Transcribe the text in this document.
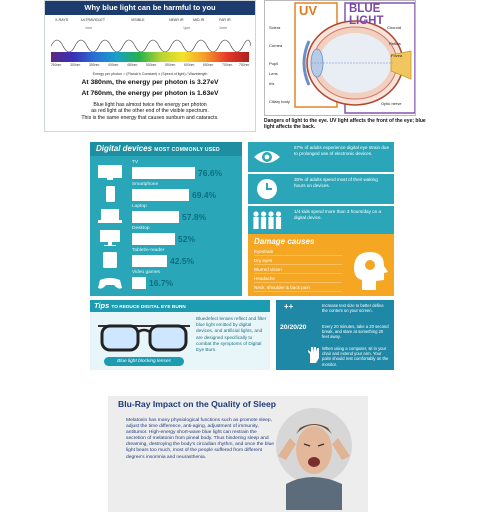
Why blue light can be harmful to you
X-RAYS	ULTRAVIOLET	VISIBLE	NEAR IR	MID IR	FAR IR
1nm	1µm	1mm
250nm	300nm	350nm	400nm	450nm	500nm	550nm	600nm	650nm	700nm 750nm
Energy per photon = (Planck's Constant) x (Speed of light) / Wavelength
At 380nm, the energy per photon is 3.27eV
At 760nm, the energy per photon is 1.63eV
Blue light has almost twice the energy per photon
as red light at the other end of the visible spectrum.
This is the same energy that causes sunburn and cataracts.
UV	BLUE LIGHT
Sclera
Cornea
Pupil
Lens
Iris
Ciliary body
Choroid
Retina
Fovea
Optic nerve
Dangers of light to the eye. UV light affects the front of the eye; blue light affects the back.
Digital devices MOST COMMONLY USED
TV
76.6%
Smartphone
69.4%
Laptop
57.8%
Desktop
52%
Tablet/e-reader
42.5%
Video games
16.7%
67% of adults experience digital eye strain due to prolonged use of electronic devices.
30% of adults spend most of their waking hours on devices.
1/4 kids spend more than 3 hours/day on a digital device.
Damage causes
Eyestrain
Dry eyes
Blurred vision
Headache
Neck, shoulder & back pain
Tips TO REDUCE DIGITAL EYE BURN
Bluedefect lenses reflect and filter blue light emitted by digital devices, and artificial lights, and are designed specifically to combat the symptoms of Digital Eye Burn.
Blue light blocking lenses
++	Increase text size to better define the content on your screen.
20/20/20	Every 20 minutes, take a 20 second break, and stare at something 20 feet away.
When using a computer, sit in your chair and extend your arm. Your palm should rest comfortably on the monitor.
Blu-Ray Impact on the Quality of Sleep
Melatonin has many physiological functions such as promote sleep, adjust the time difference, anti-aging, adjustment of immunity, antitumor. High-energy short-wave blue light can restrain the secretion of melatonin from pineal body. Thus hindering sleep and dreaming, destroying the body's circadian rhythm, and once the blue light bears too much, most of the people suffered from different degree's insomnia and neurasthenia.
